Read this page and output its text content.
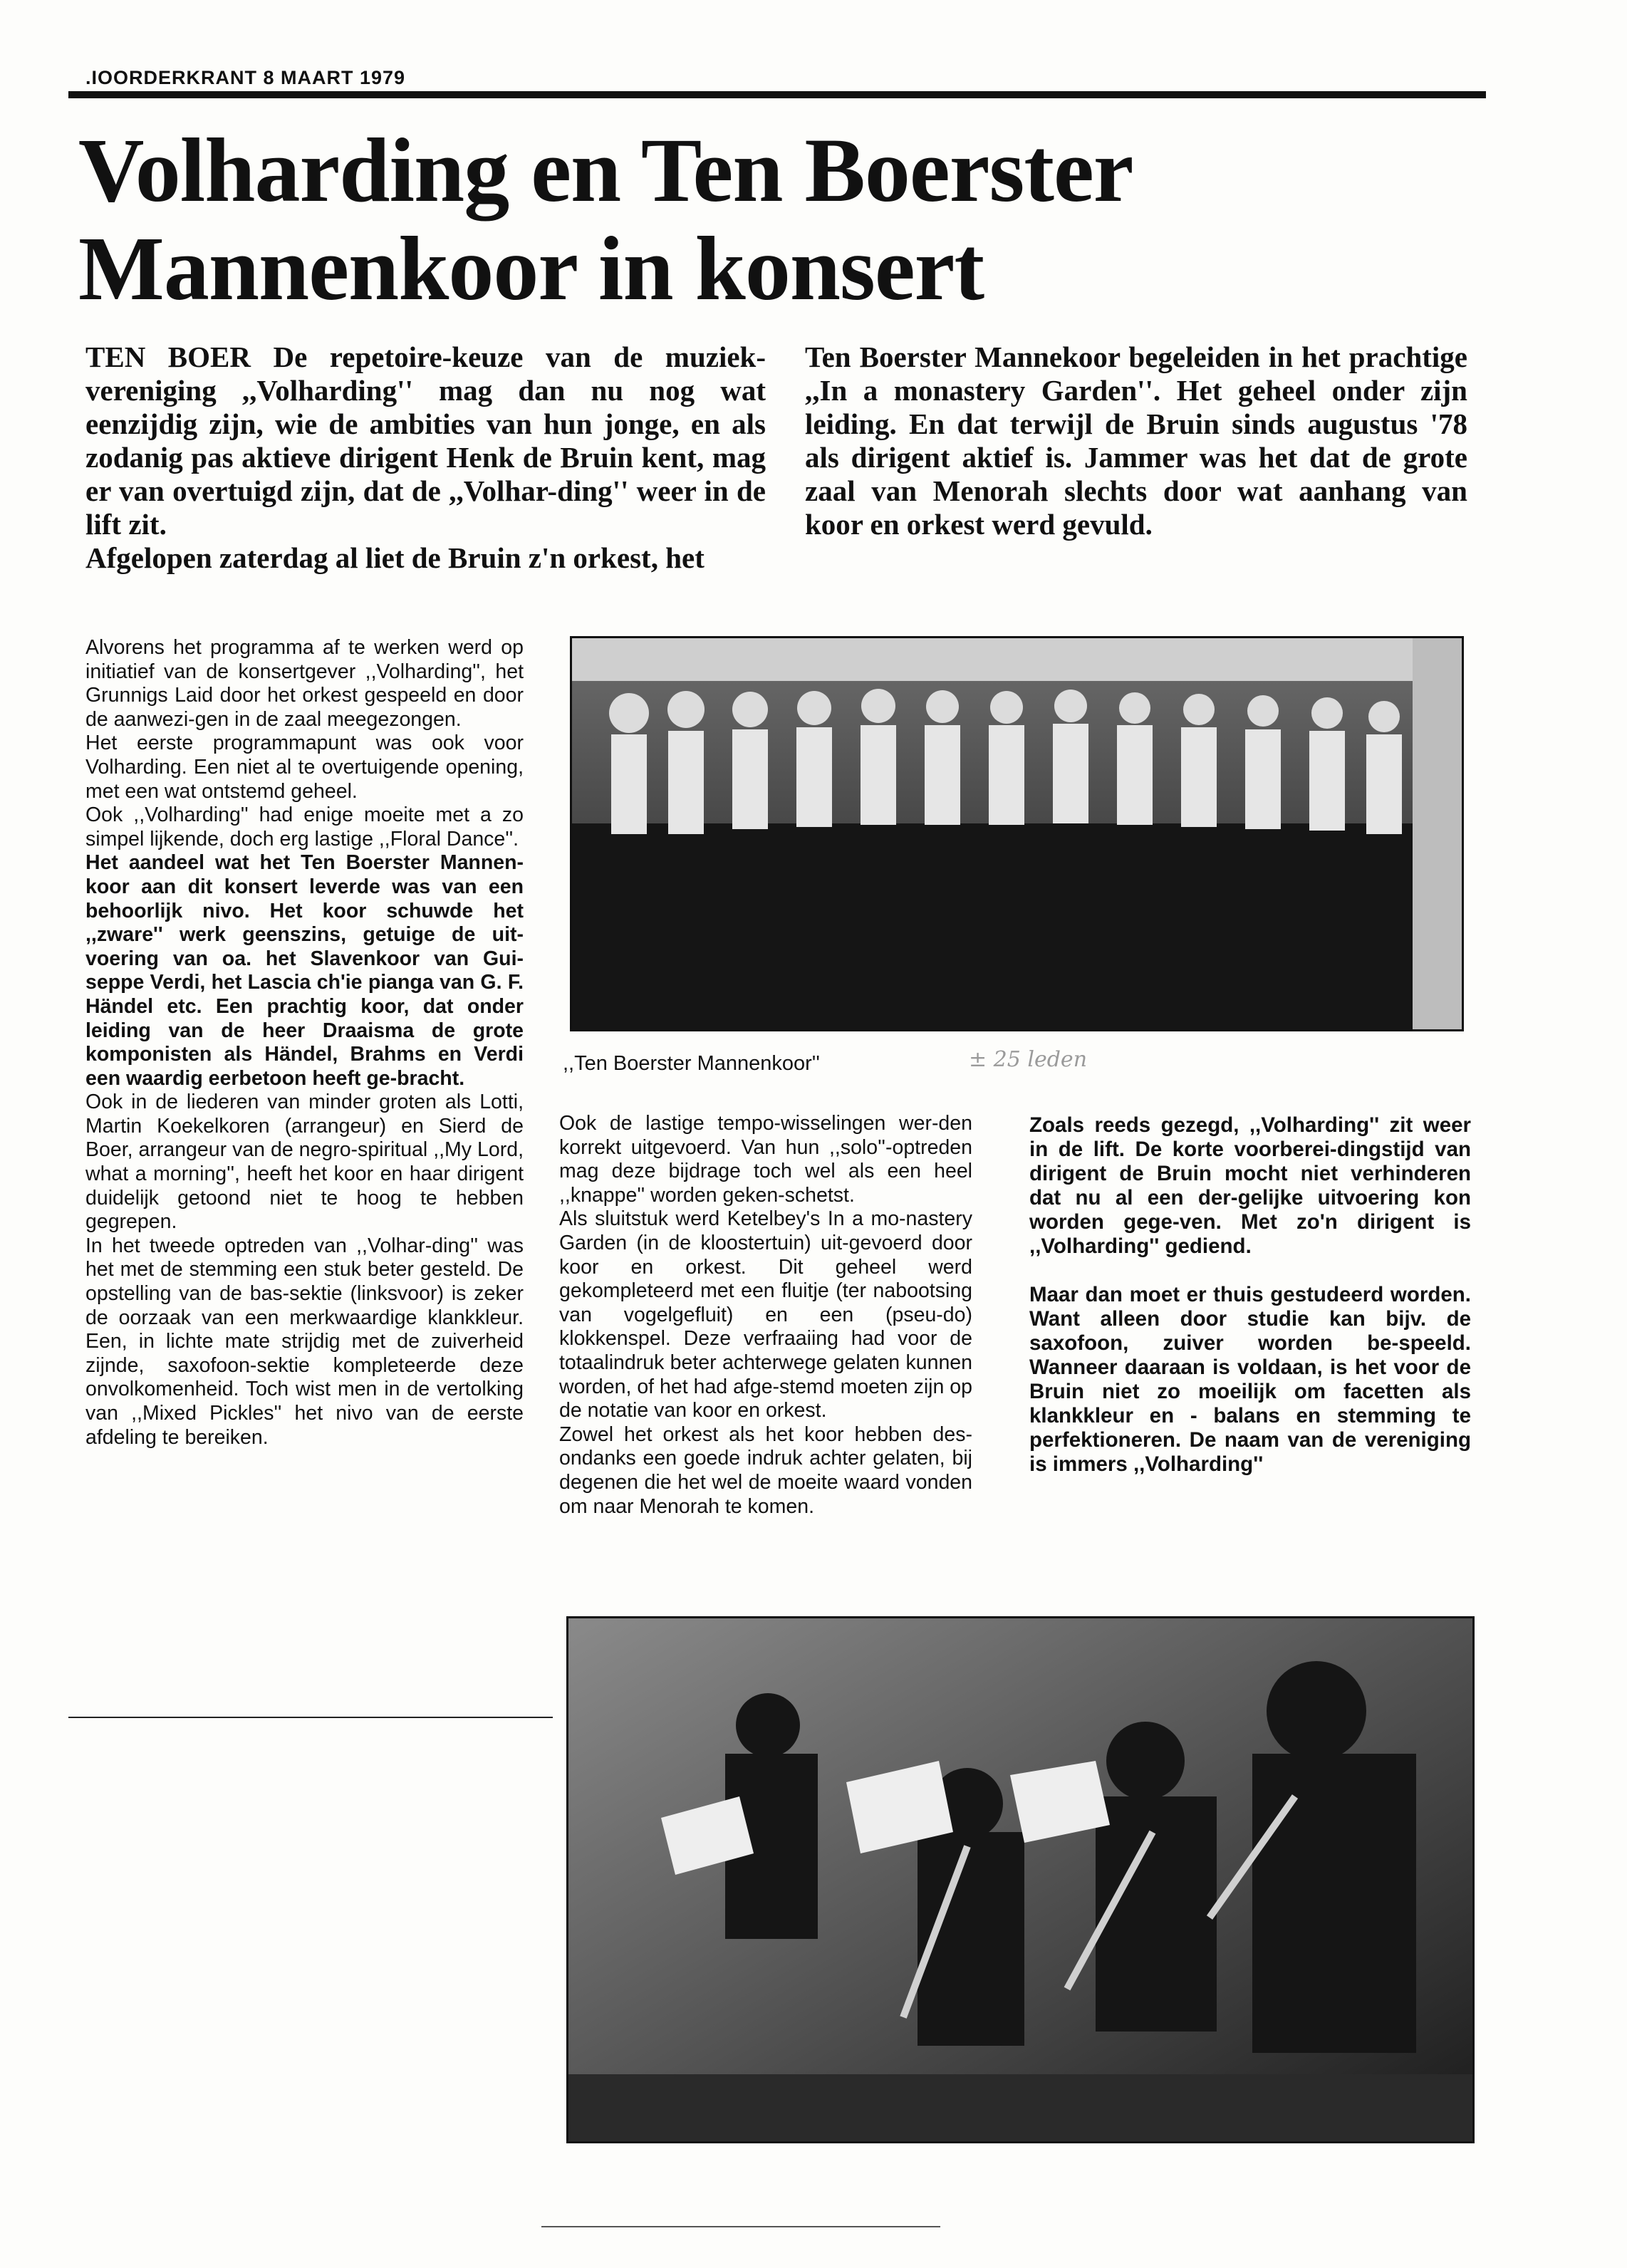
.IOORDERKRANT 8 MAART 1979
Volharding en Ten Boerster
Mannenkoor in konsert
TEN BOER De repetoire-keuze van de muziek-vereniging ,,Volharding'' mag dan nu nog wat eenzijdig zijn, wie de ambities van hun jonge, en als zodanig pas aktieve dirigent Henk de Bruin kent, mag er van overtuigd zijn, dat de ,,Volhar-ding'' weer in de lift zit.
Afgelopen zaterdag al liet de Bruin z'n orkest, het
Ten Boerster Mannekoor begeleiden in het prachtige ,,In a monastery Garden''. Het geheel onder zijn leiding. En dat terwijl de Bruin sinds augustus '78 als dirigent aktief is. Jammer was het dat de grote zaal van Menorah slechts door wat aanhang van koor en orkest werd gevuld.
,,Ten Boerster Mannenkoor''	± 25 leden

Alvorens het programma af te werken werd op initiatief van de konsertgever ,,Volharding'', het Grunnigs Laid door het orkest gespeeld en door de aanwezi-gen in de zaal meegezongen.

Het eerste programmapunt was ook voor Volharding. Een niet al te overtuigende opening, met een wat ontstemd geheel.

Ook ,,Volharding'' had enige moeite met a zo simpel lijkende, doch erg lastige ,,Floral Dance''.

Het aandeel wat het Ten Boerster Mannen-koor aan dit konsert leverde was van een behoorlijk nivo. Het koor schuwde het ,,zware'' werk geenszins, getuige de uit-voering van oa. het Slavenkoor van Gui-seppe Verdi, het Lascia ch'ie pianga van G. F. Händel etc. Een prachtig koor, dat onder leiding van de heer Draaisma de grote komponisten als Händel, Brahms en Verdi een waardig eerbetoon heeft ge-bracht.

Ook in de liederen van minder groten als Lotti, Martin Koekelkoren (arrangeur) en Sierd de Boer, arrangeur van de negro-spiritual ,,My Lord, what a morning'', heeft het koor en haar dirigent duidelijk getoond niet te hoog te hebben gegrepen.

In het tweede optreden van ,,Volhar-ding'' was het met de stemming een stuk beter gesteld. De opstelling van de bas-sektie (linksvoor) is zeker de oorzaak van een merkwaardige klankkleur. Een, in lichte mate strijdig met de zuiverheid zijnde, saxofoon-sektie kompleteerde deze onvolkomenheid. Toch wist men in de vertolking van ,,Mixed Pickles'' het nivo van de eerste afdeling te bereiken.

Ook de lastige tempo-wisselingen wer-den korrekt uitgevoerd. Van hun ,,solo''-optreden mag deze bijdrage toch wel als een heel ,,knappe'' worden geken-schetst.

Als sluitstuk werd Ketelbey's In a mo-nastery Garden (in de kloostertuin) uit-gevoerd door koor en orkest. Dit geheel werd gekompleteerd met een fluitje (ter nabootsing van vogelgefluit) en een (pseu-do) klokkenspel. Deze verfraaiing had voor de totaalindruk beter achterwege gelaten kunnen worden, of het had afge-stemd moeten zijn op de notatie van koor en orkest.

Zowel het orkest als het koor hebben des-ondanks een goede indruk achter gelaten, bij degenen die het wel de moeite waard vonden om naar Menorah te komen.

Zoals reeds gezegd, ,,Volharding'' zit weer in de lift. De korte voorberei-dingstijd van dirigent de Bruin mocht niet verhinderen dat nu al een der-gelijke uitvoering kon worden gege-ven. Met zo'n dirigent is ,,Volharding'' gediend.

Maar dan moet er thuis gestudeerd worden. Want alleen door studie kan bijv. de saxofoon, zuiver worden be-speeld. Wanneer daaraan is voldaan, is het voor de Bruin niet zo moeilijk om facetten als klankkleur en - balans en stemming te perfektioneren. De naam van de vereniging is immers ,,Volharding''
